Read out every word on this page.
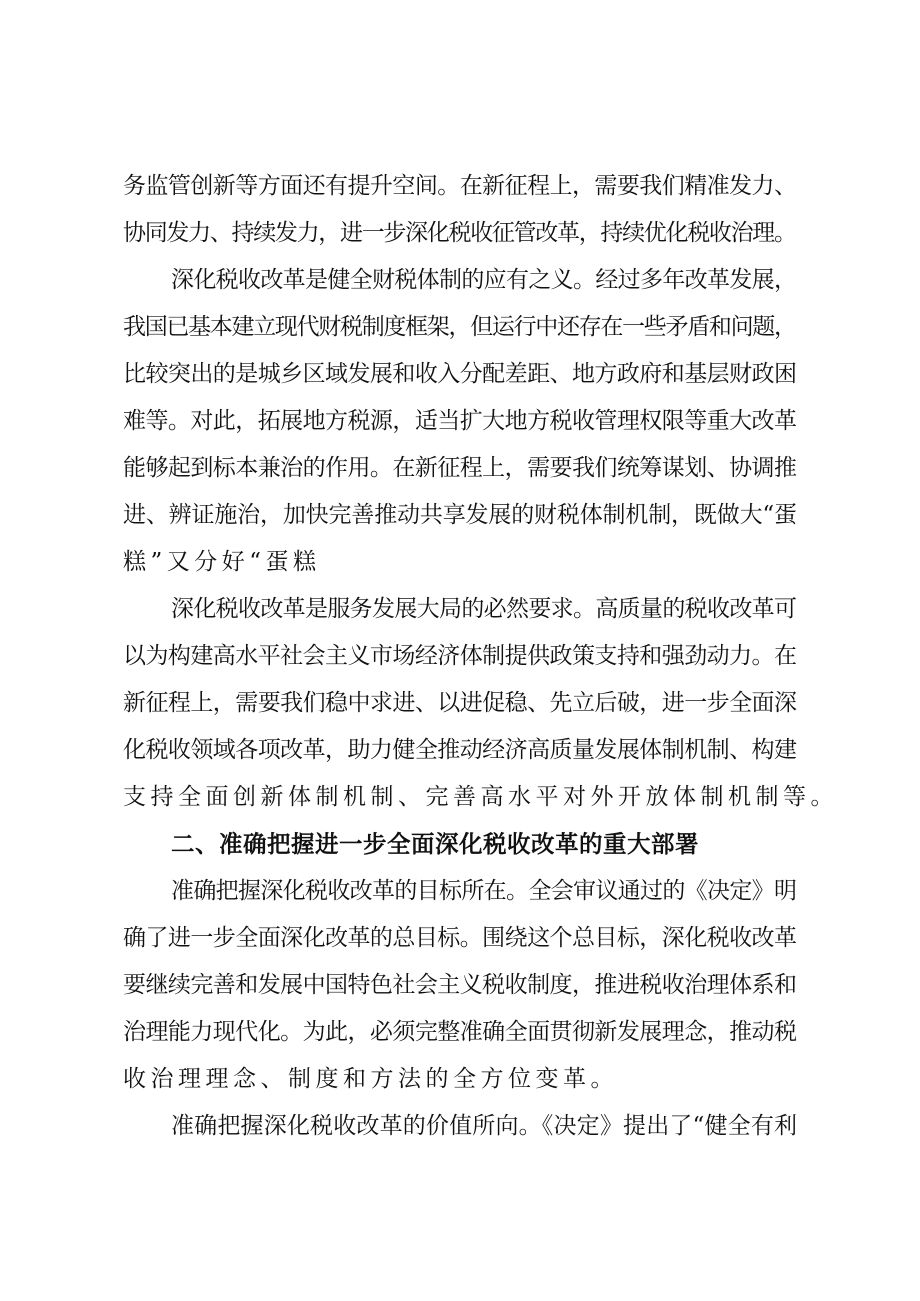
务监管创新等方面还有提升空间。在新征程上，需要我们精准发力、
协同发力、持续发力，进一步深化税收征管改革，持续优化税收治理。
深化税收改革是健全财税体制的应有之义。经过多年改革发展，
我国已基本建立现代财税制度框架，但运行中还存在一些矛盾和问题，
比较突出的是城乡区域发展和收入分配差距、地方政府和基层财政困
难等。对此，拓展地方税源，适当扩大地方税收管理权限等重大改革
能够起到标本兼治的作用。在新征程上，需要我们统筹谋划、协调推
进、辨证施治，加快完善推动共享发展的财税体制机制，既做大“蛋
糕”又分好“蛋糕
深化税收改革是服务发展大局的必然要求。高质量的税收改革可
以为构建高水平社会主义市场经济体制提供政策支持和强劲动力。在
新征程上，需要我们稳中求进、以进促稳、先立后破，进一步全面深
化税收领域各项改革，助力健全推动经济高质量发展体制机制、构建
支持全面创新体制机制、完善高水平对外开放体制机制等。
二、准确把握进一步全面深化税收改革的重大部署
准确把握深化税收改革的目标所在。全会审议通过的《决定》明
确了进一步全面深化改革的总目标。围绕这个总目标，深化税收改革
要继续完善和发展中国特色社会主义税收制度，推进税收治理体系和
治理能力现代化。为此，必须完整准确全面贯彻新发展理念，推动税
收治理理念、制度和方法的全方位变革。
准确把握深化税收改革的价值所向。《决定》提出了“健全有利
